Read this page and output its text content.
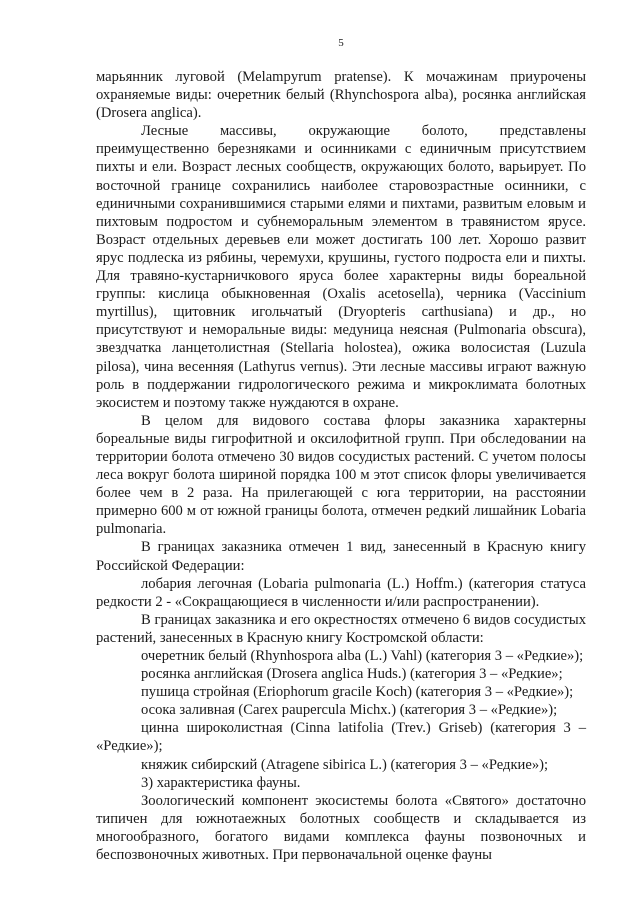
5

марьянник луговой (Melampyrum pratense). К мочажинам приурочены охраняемые виды: очеретник белый (Rhynchospora alba), росянка английская (Drosera anglica).

Лесные массивы, окружающие болото, представлены преимущественно березняками и осинниками с единичным присутствием пихты и ели. Возраст лесных сообществ, окружающих болото, варьирует. По восточной границе сохранились наиболее старовозрастные осинники, с единичными сохранившимися старыми елями и пихтами, развитым еловым и пихтовым подростом и субнеморальным элементом в травянистом ярусе. Возраст отдельных деревьев ели может достигать 100 лет. Хорошо развит ярус подлеска из рябины, черемухи, крушины, густого подроста ели и пихты. Для травяно-кустарничкового яруса более характерны виды бореальной группы: кислица обыкновенная (Oxalis acetosella), черника (Vaccinium myrtillus), щитовник игольчатый (Dryopteris carthusiana) и др., но присутствуют и неморальные виды: медуница неясная (Pulmonaria obscura), звездчатка ланцетолистная (Stellaria holostea), ожика волосистая (Luzula pilosa), чина весенняя (Lathyrus vernus). Эти лесные массивы играют важную роль в поддержании гидрологического режима и микроклимата болотных экосистем и поэтому также нуждаются в охране.

В целом для видового состава флоры заказника характерны бореальные виды гигрофитной и оксилофитной групп. При обследовании на территории болота отмечено 30 видов сосудистых растений. С учетом полосы леса вокруг болота шириной порядка 100 м этот список флоры увеличивается более чем в 2 раза. На прилегающей с юга территории, на расстоянии примерно 600 м от южной границы болота, отмечен редкий лишайник Lobaria pulmonaria.

В границах заказника отмечен 1 вид, занесенный в Красную книгу Российской Федерации:

лобария легочная (Lobaria pulmonaria (L.) Hoffm.) (категория статуса редкости 2 - «Сокращающиеся в численности и/или распространении).

В границах заказника и его окрестностях отмечено 6 видов сосудистых растений, занесенных в Красную книгу Костромской области:

очеретник белый (Rhynhospora alba (L.) Vahl) (категория 3 – «Редкие»);

росянка английская (Drosera anglica Huds.) (категория 3 – «Редкие»;

пушица стройная (Eriophorum gracile Koch) (категория 3 – «Редкие»);

осока заливная (Carex paupercula Michx.) (категория 3 – «Редкие»);

цинна широколистная (Cinna latifolia (Trev.) Griseb) (категория 3 – «Редкие»);

княжик сибирский (Atragene sibirica L.) (категория 3 – «Редкие»);

3) характеристика фауны.

Зоологический компонент экосистемы болота «Святого» достаточно типичен для южнотаежных болотных сообществ и складывается из многообразного, богатого видами комплекса фауны позвоночных и беспозвоночных животных. При первоначальной оценке фауны
